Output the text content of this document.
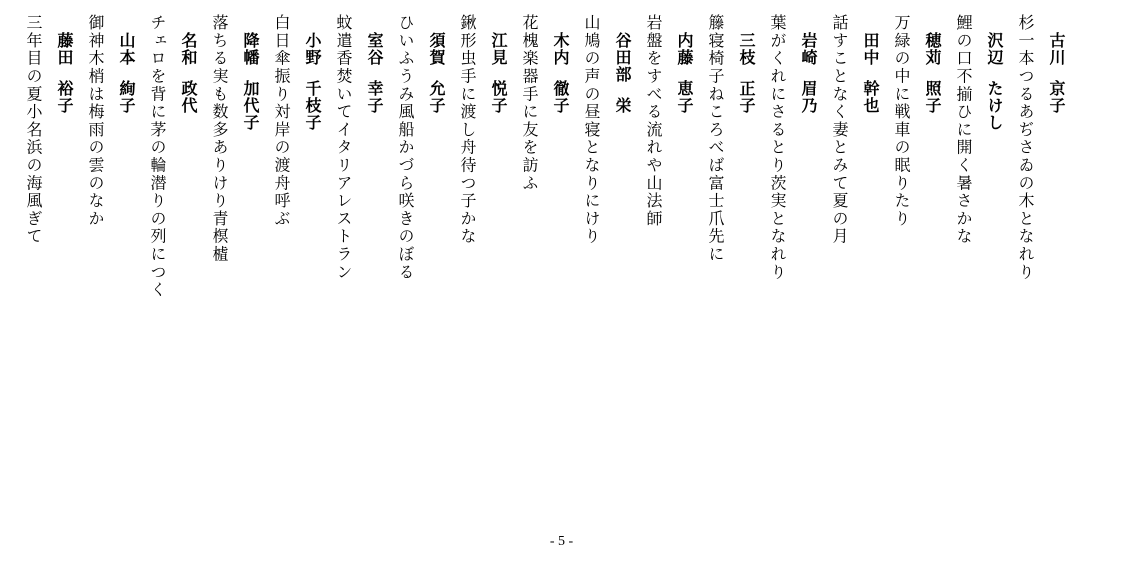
古川京子
杉一本つるあぢさゐの木となれり
沢辺たけし
鯉の口不揃ひに開く暑さかな
穂苅照子
万緑の中に戦車の眠りたり
田中幹也
話すことなく妻とみて夏の月
岩崎眉乃
葉がくれにさるとり茨実となれり
三枝正子
籐寝椅子ねころべば富士爪先に
内藤恵子
岩盤をすべる流れや山法師
谷田部栄
山鳩の声の昼寝となりにけり
木内徹子
花槐楽器手に友を訪ふ
江見悦子
鍬形虫手に渡し舟待つ子かな
須賀允子
ひいふうみ風船かづら咲きのぼる
室谷幸子
蚊遣香焚いてイタリアレストラン
小野千枝子
白日傘振り対岸の渡舟呼ぶ
降幡加代子
落ちる実も数多ありけり青榠樝
名和政代
チェロを背に茅の輪潜りの列につく
山本絢子
御神木梢は梅雨の雲のなか
藤田裕子
三年目の夏小名浜の海風ぎて
- 5 -
